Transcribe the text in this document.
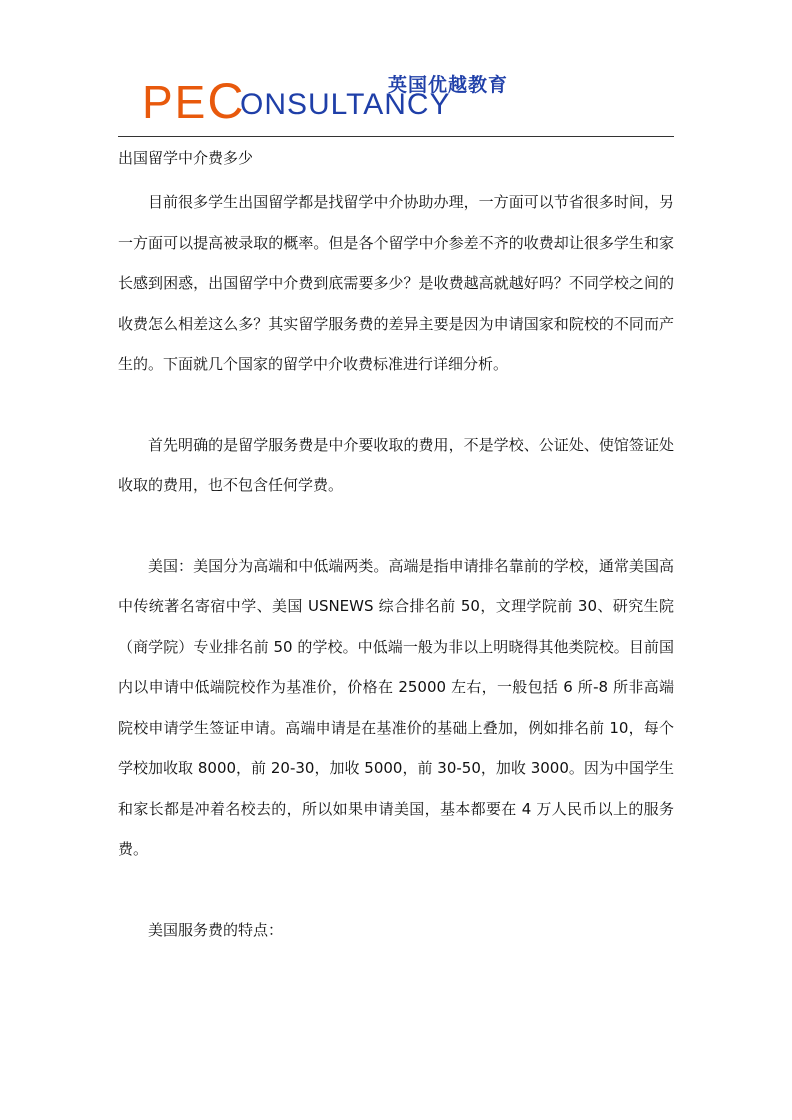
PEC
ONSULTANCY
英国优越教育

出国留学中介费多少

目前很多学生出国留学都是找留学中介协助办理，一方面可以节省很多时间，另一方面可以提高被录取的概率。但是各个留学中介参差不齐的收费却让很多学生和家长感到困惑，出国留学中介费到底需要多少？是收费越高就越好吗？不同学校之间的收费怎么相差这么多？其实留学服务费的差异主要是因为申请国家和院校的不同而产生的。下面就几个国家的留学中介收费标准进行详细分析。

首先明确的是留学服务费是中介要收取的费用，不是学校、公证处、使馆签证处收取的费用，也不包含任何学费。

美国：美国分为高端和中低端两类。高端是指申请排名靠前的学校，通常美国高中传统著名寄宿中学、美国 USNEWS 综合排名前 50，文理学院前 30、研究生院（商学院）专业排名前 50 的学校。中低端一般为非以上明晓得其他类院校。目前国内以申请中低端院校作为基准价，价格在 25000 左右，一般包括 6 所-8 所非高端院校申请学生签证申请。高端申请是在基准价的基础上叠加，例如排名前 10，每个学校加收取 8000，前 20-30，加收 5000，前 30-50，加收 3000。因为中国学生和家长都是冲着名校去的，所以如果申请美国，基本都要在 4 万人民币以上的服务费。

美国服务费的特点：
